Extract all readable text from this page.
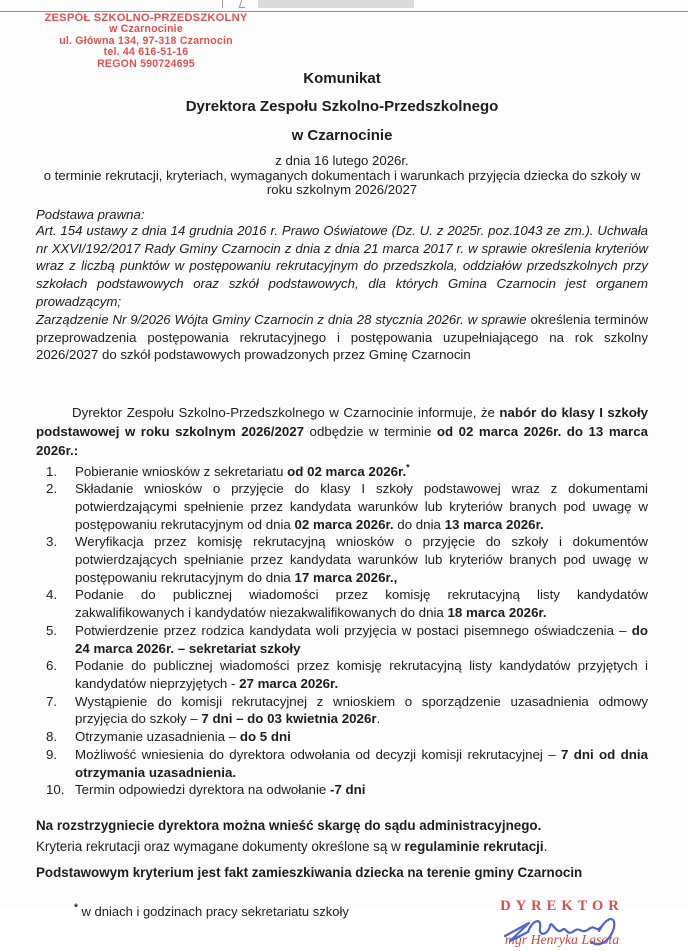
ZESPÓŁ SZKOLNO-PRZEDSZKOLNY
w Czarnocinie
ul. Główna 134, 97-318 Czarnocin
tel. 44 616-51-16
REGON 590724695
Komunikat
Dyrektora Zespołu Szkolno-Przedszkolnego
w Czarnocinie
z dnia 16 lutego 2026r.
o terminie rekrutacji, kryteriach, wymaganych dokumentach i warunkach przyjęcia dziecka do szkoły w roku szkolnym 2026/2027
Podstawa prawna:

Art. 154 ustawy z dnia 14 grudnia 2016 r. Prawo Oświatowe (Dz. U. z 2025r. poz.1043 ze zm.). Uchwała nr XXVI/192/2017 Rady Gminy Czarnocin z dnia z dnia 21 marca 2017 r. w sprawie określenia kryteriów wraz z liczbą punktów w postępowaniu rekrutacyjnym do przedszkola, oddziałów przedszkolnych przy szkołach podstawowych oraz szkół podstawowych, dla których Gmina Czarnocin jest organem prowadzącym;

Zarządzenie Nr 9/2026 Wójta Gminy Czarnocin z dnia 28 stycznia 2026r. w sprawie określenia terminów przeprowadzenia postępowania rekrutacyjnego i postępowania uzupełniającego na rok szkolny 2026/2027 do szkół podstawowych prowadzonych przez Gminę Czarnocin

Dyrektor Zespołu Szkolno-Przedszkolnego w Czarnocinie informuje, że nabór do klasy I szkoły podstawowej w roku szkolnym 2026/2027 odbędzie w terminie od 02 marca 2026r. do 13 marca 2026r.:

1.	Pobieranie wniosków z sekretariatu od 02 marca 2026r.*
2.	Składanie wniosków o przyjęcie do klasy I szkoły podstawowej wraz z dokumentami potwierdzającymi spełnienie przez kandydata warunków lub kryteriów branych pod uwagę w postępowaniu rekrutacyjnym od dnia 02 marca 2026r. do dnia 13 marca 2026r.
3.	Weryfikacja przez komisję rekrutacyjną wniosków o przyjęcie do szkoły i dokumentów potwierdzających spełnianie przez kandydata warunków lub kryteriów branych pod uwagę w postępowaniu rekrutacyjnym do dnia 17 marca 2026r.,
4.	Podanie do publicznej wiadomości przez komisję rekrutacyjną listy kandydatów zakwalifikowanych i kandydatów niezakwalifikowanych do dnia 18 marca 2026r.
5.	Potwierdzenie przez rodzica kandydata woli przyjęcia w postaci pisemnego oświadczenia – do 24 marca 2026r. – sekretariat szkoły
6.	Podanie do publicznej wiadomości przez komisję rekrutacyjną listy kandydatów przyjętych i kandydatów nieprzyjętych - 27 marca 2026r.
7.	Wystąpienie do komisji rekrutacyjnej z wnioskiem o sporządzenie uzasadnienia odmowy przyjęcia do szkoły – 7 dni – do 03 kwietnia 2026r.
8.	Otrzymanie uzasadnienia – do 5 dni
9.	Możliwość wniesienia do dyrektora odwołania od decyzji komisji rekrutacyjnej – 7 dni od dnia otrzymania uzasadnienia.
10. Termin odpowiedzi dyrektora na odwołanie -7 dni

Na rozstrzygniecie dyrektora można wnieść skargę do sądu administracyjnego.

Kryteria rekrutacji oraz wymagane dokumenty określone są w regulaminie rekrutacji.

Podstawowym kryterium jest fakt zamieszkiwania dziecka na terenie gminy Czarnocin

* w dniach i godzinach pracy sekretariatu szkoły	DYREKTOR
mgr Henryka Lasota
